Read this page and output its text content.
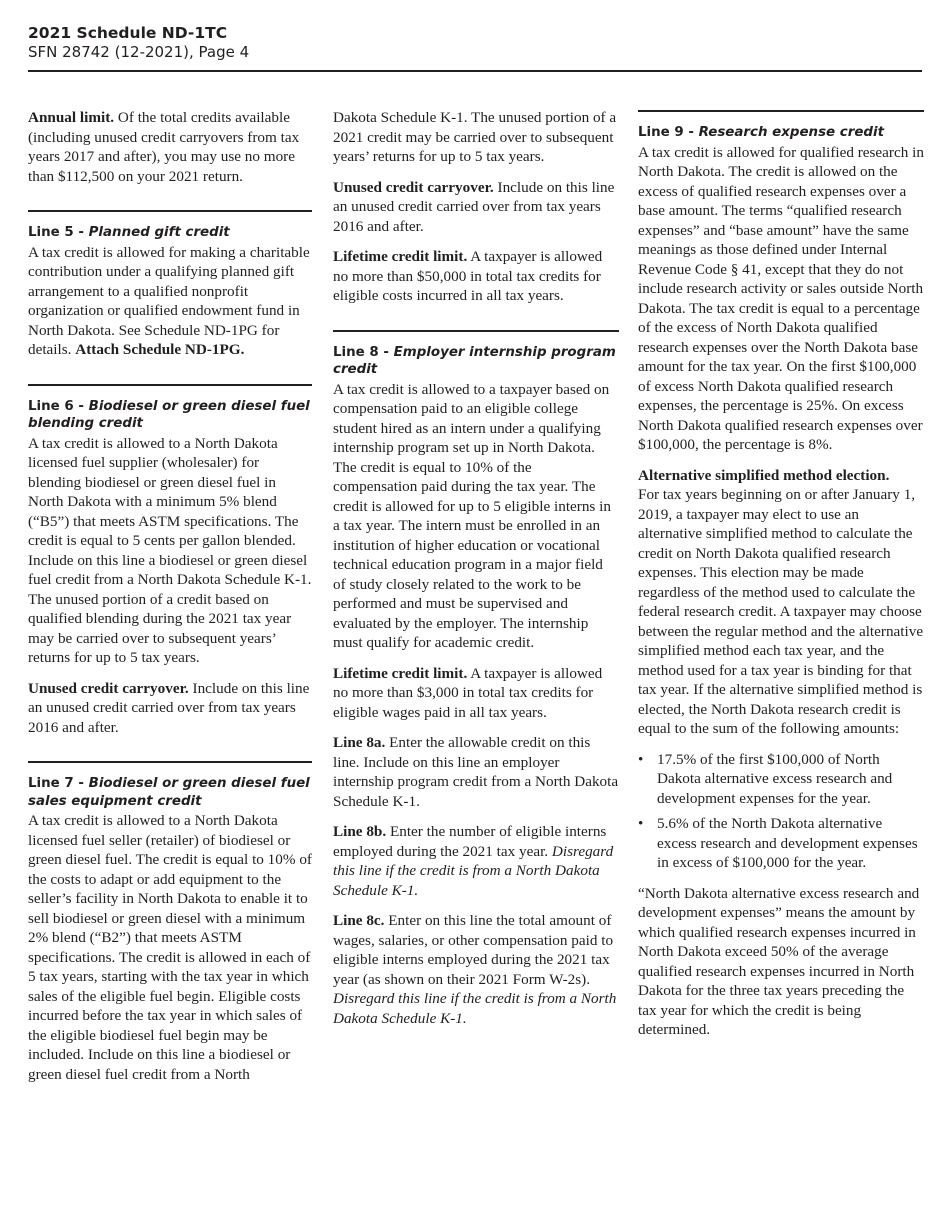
2021 Schedule ND-1TC
SFN 28742 (12-2021), Page 4

Annual limit. Of the total credits available (including unused credit carryovers from tax years 2017 and after), you may use no more than $112,500 on your 2021 return.

Line 5 - Planned gift credit

A tax credit is allowed for making a charitable contribution under a qualifying planned gift arrangement to a qualified nonprofit organization or qualified endowment fund in North Dakota. See Schedule ND-1PG for details. Attach Schedule ND-1PG.

Line 6 - Biodiesel or green diesel fuel blending credit

A tax credit is allowed to a North Dakota licensed fuel supplier (wholesaler) for blending biodiesel or green diesel fuel in North Dakota with a minimum 5% blend (“B5”) that meets ASTM specifications. The credit is equal to 5 cents per gallon blended. Include on this line a biodiesel or green diesel fuel credit from a North Dakota Schedule K-1. The unused portion of a credit based on qualified blending during the 2021 tax year may be carried over to subsequent years’ returns for up to 5 tax years.

Unused credit carryover. Include on this line an unused credit carried over from tax years 2016 and after.

Line 7 - Biodiesel or green diesel fuel sales equipment credit

A tax credit is allowed to a North Dakota licensed fuel seller (retailer) of biodiesel or green diesel fuel. The credit is equal to 10% of the costs to adapt or add equipment to the seller’s facility in North Dakota to enable it to sell biodiesel or green diesel with a minimum 2% blend (“B2”) that meets ASTM specifications. The credit is allowed in each of 5 tax years, starting with the tax year in which sales of the eligible fuel begin. Eligible costs incurred before the tax year in which sales of the eligible biodiesel fuel begin may be included. Include on this line a biodiesel or green diesel fuel credit from a North

Dakota Schedule K-1. The unused portion of a 2021 credit may be carried over to subsequent years’ returns for up to 5 tax years.

Unused credit carryover. Include on this line an unused credit carried over from tax years 2016 and after.

Lifetime credit limit. A taxpayer is allowed no more than $50,000 in total tax credits for eligible costs incurred in all tax years.

Line 8 - Employer internship program credit

A tax credit is allowed to a taxpayer based on compensation paid to an eligible college student hired as an intern under a qualifying internship program set up in North Dakota. The credit is equal to 10% of the compensation paid during the tax year. The credit is allowed for up to 5 eligible interns in a tax year. The intern must be enrolled in an institution of higher education or vocational technical education program in a major field of study closely related to the work to be performed and must be supervised and evaluated by the employer. The internship must qualify for academic credit.

Lifetime credit limit. A taxpayer is allowed no more than $3,000 in total tax credits for eligible wages paid in all tax years.

Line 8a. Enter the allowable credit on this line. Include on this line an employer internship program credit from a North Dakota Schedule K-1.

Line 8b. Enter the number of eligible interns employed during the 2021 tax year. Disregard this line if the credit is from a North Dakota Schedule K-1.

Line 8c. Enter on this line the total amount of wages, salaries, or other compensation paid to eligible interns employed during the 2021 tax year (as shown on their 2021 Form W-2s). Disregard this line if the credit is from a North Dakota Schedule K-1.

Line 9 - Research expense credit

A tax credit is allowed for qualified research in North Dakota. The credit is allowed on the excess of qualified research expenses over a base amount. The terms “qualified research expenses” and “base amount” have the same meanings as those defined under Internal Revenue Code § 41, except that they do not include research activity or sales outside North Dakota. The tax credit is equal to a percentage of the excess of North Dakota qualified research expenses over the North Dakota base amount for the tax year. On the first $100,000 of excess North Dakota qualified research expenses, the percentage is 25%. On excess North Dakota qualified research expenses over $100,000, the percentage is 8%.

Alternative simplified method election.
For tax years beginning on or after January 1, 2019, a taxpayer may elect to use an alternative simplified method to calculate the credit on North Dakota qualified research expenses. This election may be made regardless of the method used to calculate the federal research credit. A taxpayer may choose between the regular method and the alternative simplified method each tax year, and the method used for a tax year is binding for that tax year. If the alternative simplified method is elected, the North Dakota research credit is equal to the sum of the following amounts:

• 17.5% of the first $100,000 of North Dakota alternative excess research and development expenses for the year.
• 5.6% of the North Dakota alternative excess research and development expenses in excess of $100,000 for the year.

“North Dakota alternative excess research and development expenses” means the amount by which qualified research expenses incurred in North Dakota exceed 50% of the average qualified research expenses incurred in North Dakota for the three tax years preceding the tax year for which the credit is being determined.
